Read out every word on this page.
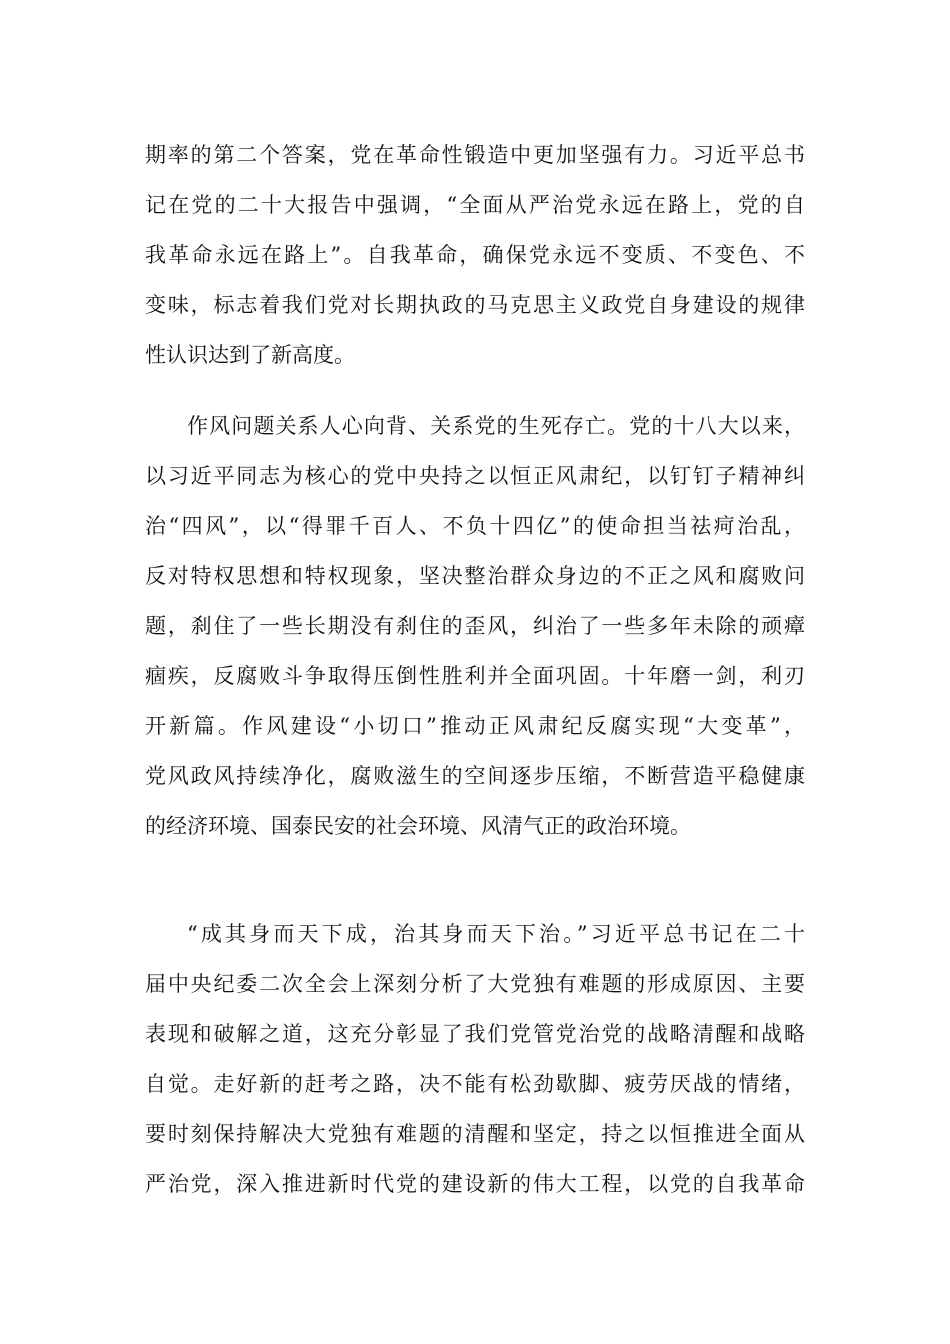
期率的第二个答案，党在革命性锻造中更加坚强有力。习近平总书
记在党的二十大报告中强调，“全面从严治党永远在路上，党的自
我革命永远在路上”。自我革命，确保党永远不变质、不变色、不
变味，标志着我们党对长期执政的马克思主义政党自身建设的规律
性认识达到了新高度。
作风问题关系人心向背、关系党的生死存亡。党的十八大以来，
以习近平同志为核心的党中央持之以恒正风肃纪，以钉钉子精神纠
治“四风”，以“得罪千百人、不负十四亿”的使命担当祛疴治乱，
反对特权思想和特权现象，坚决整治群众身边的不正之风和腐败问
题，刹住了一些长期没有刹住的歪风，纠治了一些多年未除的顽瘴
痼疾，反腐败斗争取得压倒性胜利并全面巩固。十年磨一剑，利刃
开新篇。作风建设“小切口”推动正风肃纪反腐实现“大变革”，
党风政风持续净化，腐败滋生的空间逐步压缩，不断营造平稳健康
的经济环境、国泰民安的社会环境、风清气正的政治环境。
“成其身而天下成，治其身而天下治。”习近平总书记在二十
届中央纪委二次全会上深刻分析了大党独有难题的形成原因、主要
表现和破解之道，这充分彰显了我们党管党治党的战略清醒和战略
自觉。走好新的赶考之路，决不能有松劲歇脚、疲劳厌战的情绪，
要时刻保持解决大党独有难题的清醒和坚定，持之以恒推进全面从
严治党，深入推进新时代党的建设新的伟大工程，以党的自我革命
